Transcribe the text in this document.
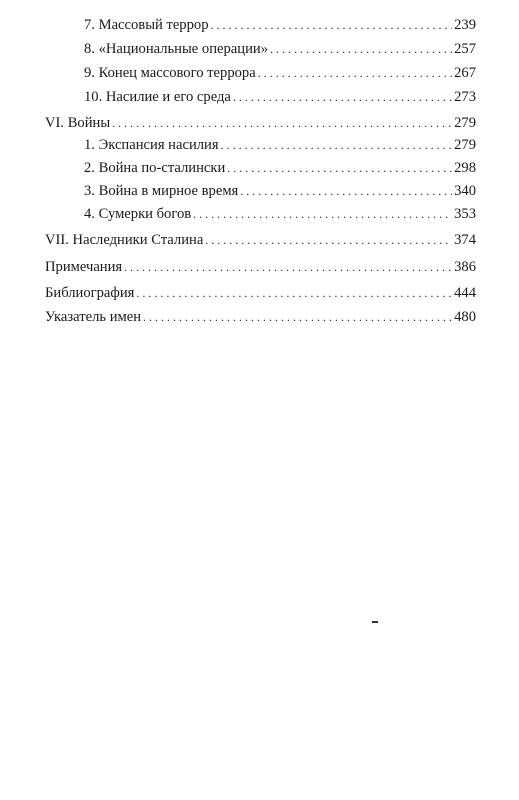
7. Массовый террор . . .	239
8. «Национальные операции» . . .	257
9. Конец массового террора . . .	267
10. Насилие и его среда . . .	273
VI. Войны . . .	279
1. Экспансия насилия . . .	279
2. Война по-сталински . . .	298
3. Война в мирное время . . .	340
4. Сумерки богов . . .	353
VII. Наследники Сталина . . .	374
Примечания . . .	386
Библиография . . .	444
Указатель имен . . .	480
